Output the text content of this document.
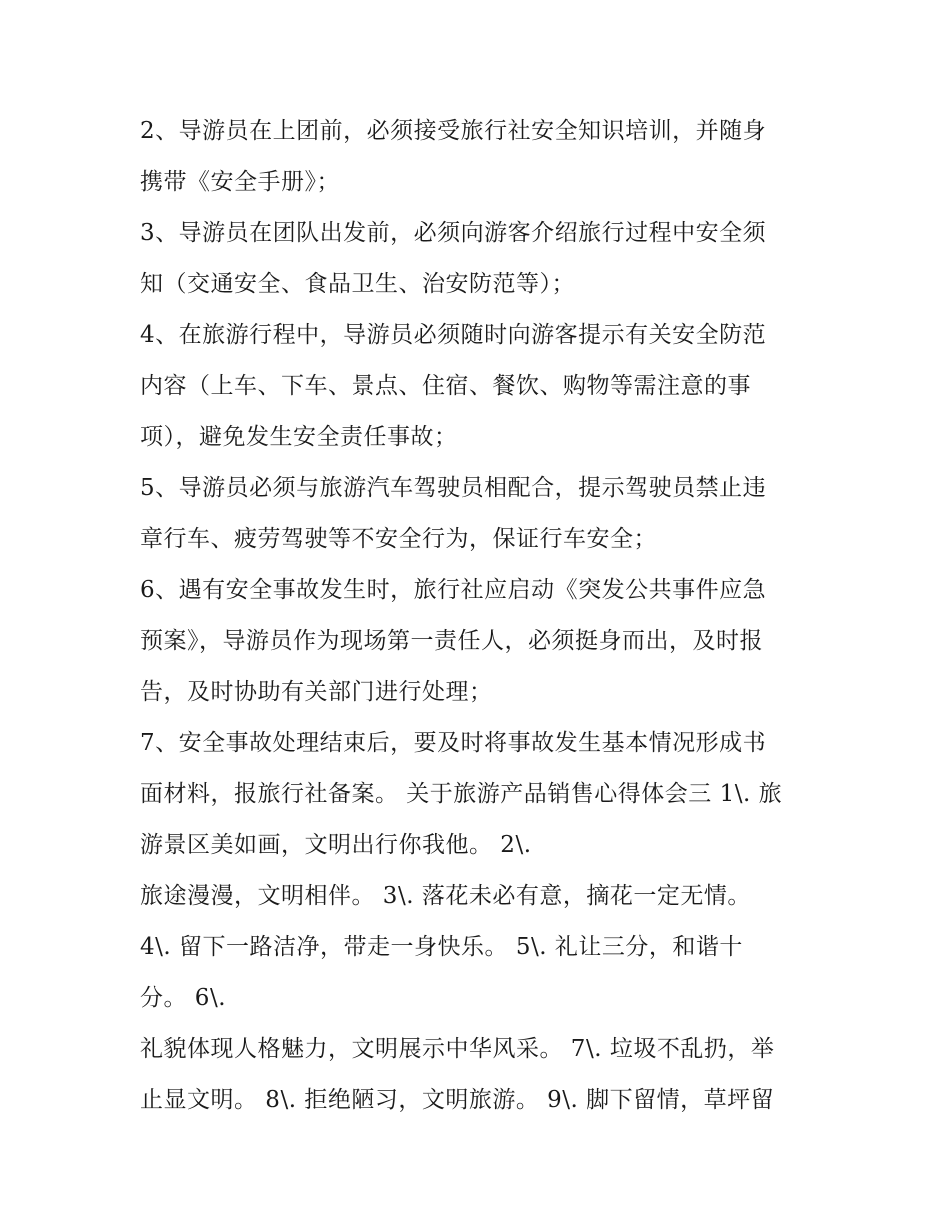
2、导游员在上团前，必须接受旅行社安全知识培训，并随身
携带《安全手册》；
3、导游员在团队出发前，必须向游客介绍旅行过程中安全须
知（交通安全、食品卫生、治安防范等）；
4、在旅游行程中，导游员必须随时向游客提示有关安全防范
内容（上车、下车、景点、住宿、餐饮、购物等需注意的事
项），避免发生安全责任事故；
5、导游员必须与旅游汽车驾驶员相配合，提示驾驶员禁止违
章行车、疲劳驾驶等不安全行为，保证行车安全；
6、遇有安全事故发生时，旅行社应启动《突发公共事件应急
预案》，导游员作为现场第一责任人，必须挺身而出，及时报
告，及时协助有关部门进行处理；
7、安全事故处理结束后，要及时将事故发生基本情况形成书
面材料，报旅行社备案。 关于旅游产品销售心得体会三 1\. 旅
游景区美如画，文明出行你我他。 2\.
旅途漫漫，文明相伴。 3\. 落花未必有意，摘花一定无情。
4\. 留下一路洁净，带走一身快乐。 5\. 礼让三分，和谐十
分。 6\.
礼貌体现人格魅力，文明展示中华风采。 7\. 垃圾不乱扔，举
止显文明。 8\. 拒绝陋习，文明旅游。 9\. 脚下留情，草坪留
